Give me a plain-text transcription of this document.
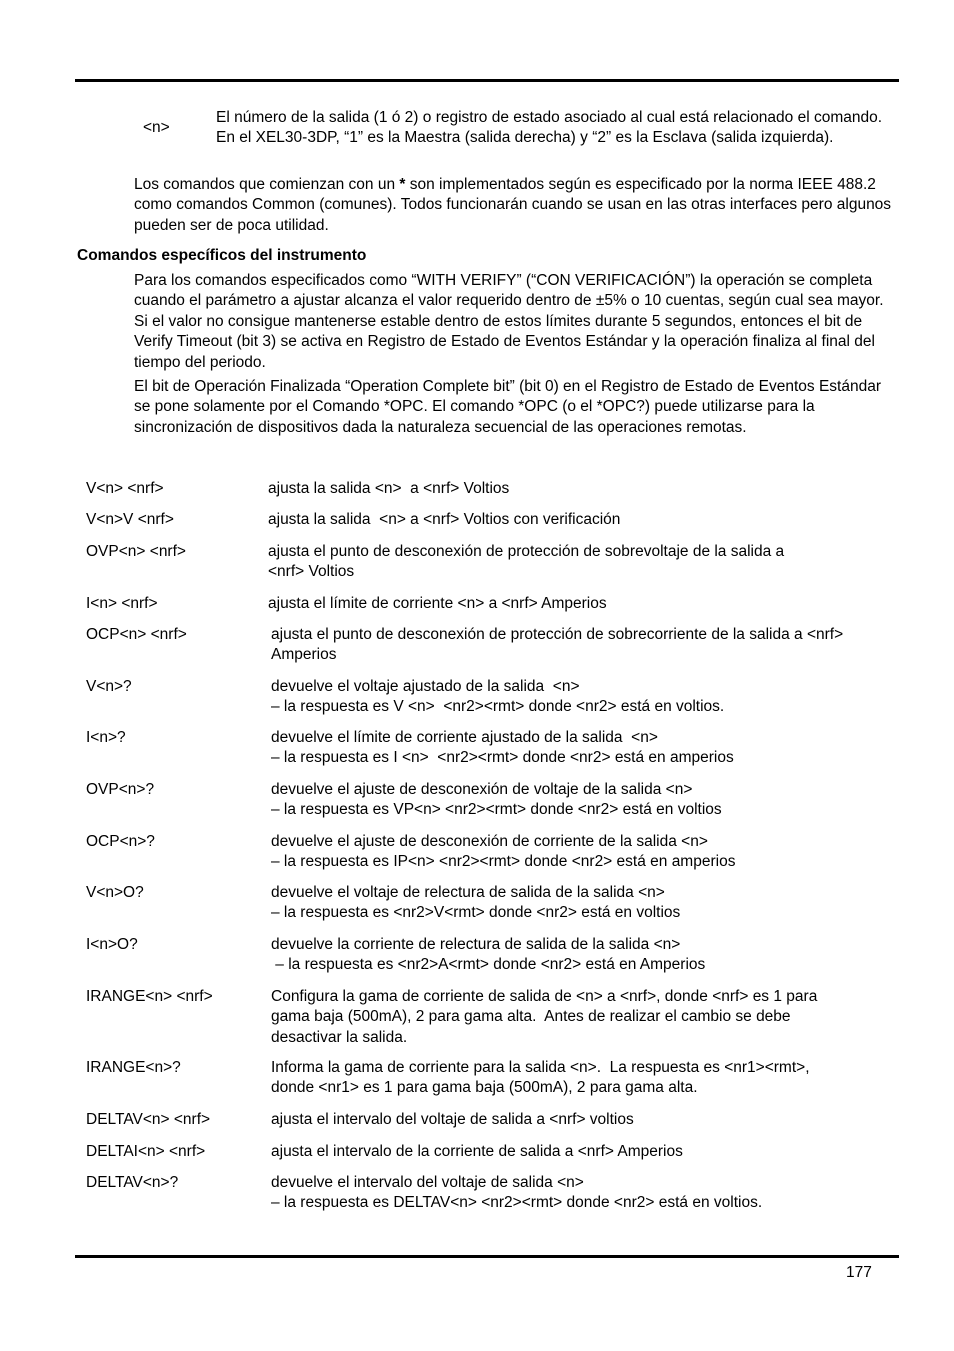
<n>
El número de la salida (1 ó 2) o registro de estado asociado al cual está relacionado el comando. En el XEL30-3DP, “1” es la Maestra (salida derecha) y “2” es la Esclava (salida izquierda).
Los comandos que comienzan con un * son implementados según es especificado por la norma IEEE 488.2 como comandos Common (comunes). Todos funcionarán cuando se usan en las otras interfaces pero algunos pueden ser de poca utilidad.
Comandos específicos del instrumento
Para los comandos especificados como “WITH VERIFY” (“CON VERIFICACIÓN”) la operación se completa cuando el parámetro a ajustar alcanza el valor requerido dentro de ±5% o 10 cuentas, según cual sea mayor. Si el valor no consigue mantenerse estable dentro de estos límites durante 5 segundos, entonces el bit de Verify Timeout (bit 3) se activa en Registro de Estado de Eventos Estándar y la operación finaliza al final del tiempo del periodo.
El bit de Operación Finalizada “Operation Complete bit” (bit 0) en el Registro de Estado de Eventos Estándar se pone solamente por el Comando *OPC. El comando *OPC (o el *OPC?) puede utilizarse para la sincronización de dispositivos dada la naturaleza secuencial de las operaciones remotas.
V<n> <nrf>	ajusta la salida <n>  a <nrf> Voltios
V<n>V <nrf>	ajusta la salida  <n> a <nrf> Voltios con verificación
OVP<n> <nrf>	ajusta el punto de desconexión de protección de sobrevoltaje de la salida a
<nrf> Voltios
I<n> <nrf>	ajusta el límite de corriente <n> a <nrf> Amperios
OCP<n> <nrf>	ajusta el punto de desconexión de protección de sobrecorriente de la salida a <nrf>
Amperios
V<n>?	devuelve el voltaje ajustado de la salida  <n>
– la respuesta es V <n>  <nr2><rmt> donde <nr2> está en voltios.
I<n>?	devuelve el límite de corriente ajustado de la salida  <n>
– la respuesta es I <n>  <nr2><rmt> donde <nr2> está en amperios
OVP<n>?	devuelve el ajuste de desconexión de voltaje de la salida <n>
– la respuesta es VP<n> <nr2><rmt> donde <nr2> está en voltios
OCP<n>?	devuelve el ajuste de desconexión de corriente de la salida <n>
– la respuesta es IP<n> <nr2><rmt> donde <nr2> está en amperios
V<n>O?	devuelve el voltaje de relectura de salida de la salida <n>
– la respuesta es <nr2>V<rmt> donde <nr2> está en voltios
I<n>O?	devuelve la corriente de relectura de salida de la salida <n>
– la respuesta es <nr2>A<rmt> donde <nr2> está en Amperios
IRANGE<n> <nrf>	Configura la gama de corriente de salida de <n> a <nrf>, donde <nrf> es 1 para
gama baja (500mA), 2 para gama alta.  Antes de realizar el cambio se debe
desactivar la salida.
IRANGE<n>?	Informa la gama de corriente para la salida <n>.  La respuesta es <nr1><rmt>,
donde <nr1> es 1 para gama baja (500mA), 2 para gama alta.
DELTAV<n> <nrf>	ajusta el intervalo del voltaje de salida a <nrf> voltios
DELTAI<n> <nrf>	ajusta el intervalo de la corriente de salida a <nrf> Amperios
DELTAV<n>?	devuelve el intervalo del voltaje de salida <n>
– la respuesta es DELTAV<n> <nr2><rmt> donde <nr2> está en voltios.
177
